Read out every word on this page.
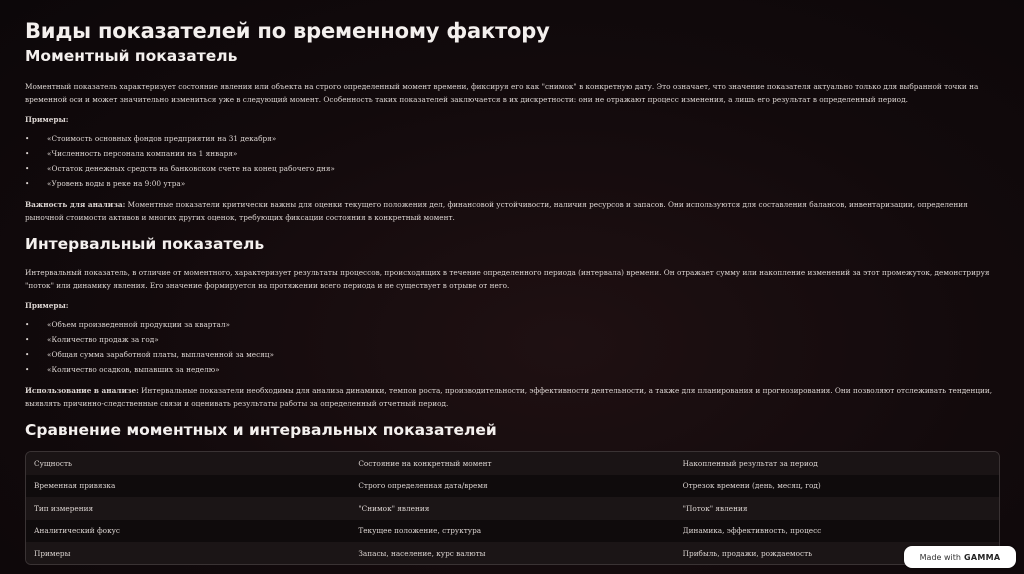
Виды показателей по временному фактору
Моментный показатель

Моментный показатель характеризует состояние явления или объекта на строго определенный момент времени, фиксируя его как "снимок" в конкретную дату. Это означает, что значение показателя актуально только для выбранной точки на временной оси и может значительно измениться уже в следующий момент. Особенность таких показателей заключается в их дискретности: они не отражают процесс изменения, а лишь его результат в определенный период.

Примеры:

• «Стоимость основных фондов предприятия на 31 декабря»
• «Численность персонала компании на 1 января»
• «Остаток денежных средств на банковском счете на конец рабочего дня»
• «Уровень воды в реке на 9:00 утра»

Важность для анализа: Моментные показатели критически важны для оценки текущего положения дел, финансовой устойчивости, наличия ресурсов и запасов. Они используются для составления балансов, инвентаризации, определения рыночной стоимости активов и многих других оценок, требующих фиксации состояния в конкретный момент.

Интервальный показатель

Интервальный показатель, в отличие от моментного, характеризует результаты процессов, происходящих в течение определенного периода (интервала) времени. Он отражает сумму или накопление изменений за этот промежуток, демонстрируя "поток" или динамику явления. Его значение формируется на протяжении всего периода и не существует в отрыве от него.

Примеры:

• «Объем произведенной продукции за квартал»
• «Количество продаж за год»
• «Общая сумма заработной платы, выплаченной за месяц»
• «Количество осадков, выпавших за неделю»

Использование в анализе: Интервальные показатели необходимы для анализа динамики, темпов роста, производительности, эффективности деятельности, а также для планирования и прогнозирования. Они позволяют отслеживать тенденции, выявлять причинно-следственные связи и оценивать результаты работы за определенный отчетный период.

Сравнение моментных и интервальных показателей
Сущность	Состояние на конкретный момент	Накопленный результат за период
Временная привязка	Строго определенная дата/время	Отрезок времени (день, месяц, год)
Тип измерения	"Снимок" явления	"Поток" явления
Аналитический фокус	Текущее положение, структура	Динамика, эффективность, процесс
Примеры	Запасы, население, курс валюты	Прибыль, продажи, рождаемость	Made with GAMMA
